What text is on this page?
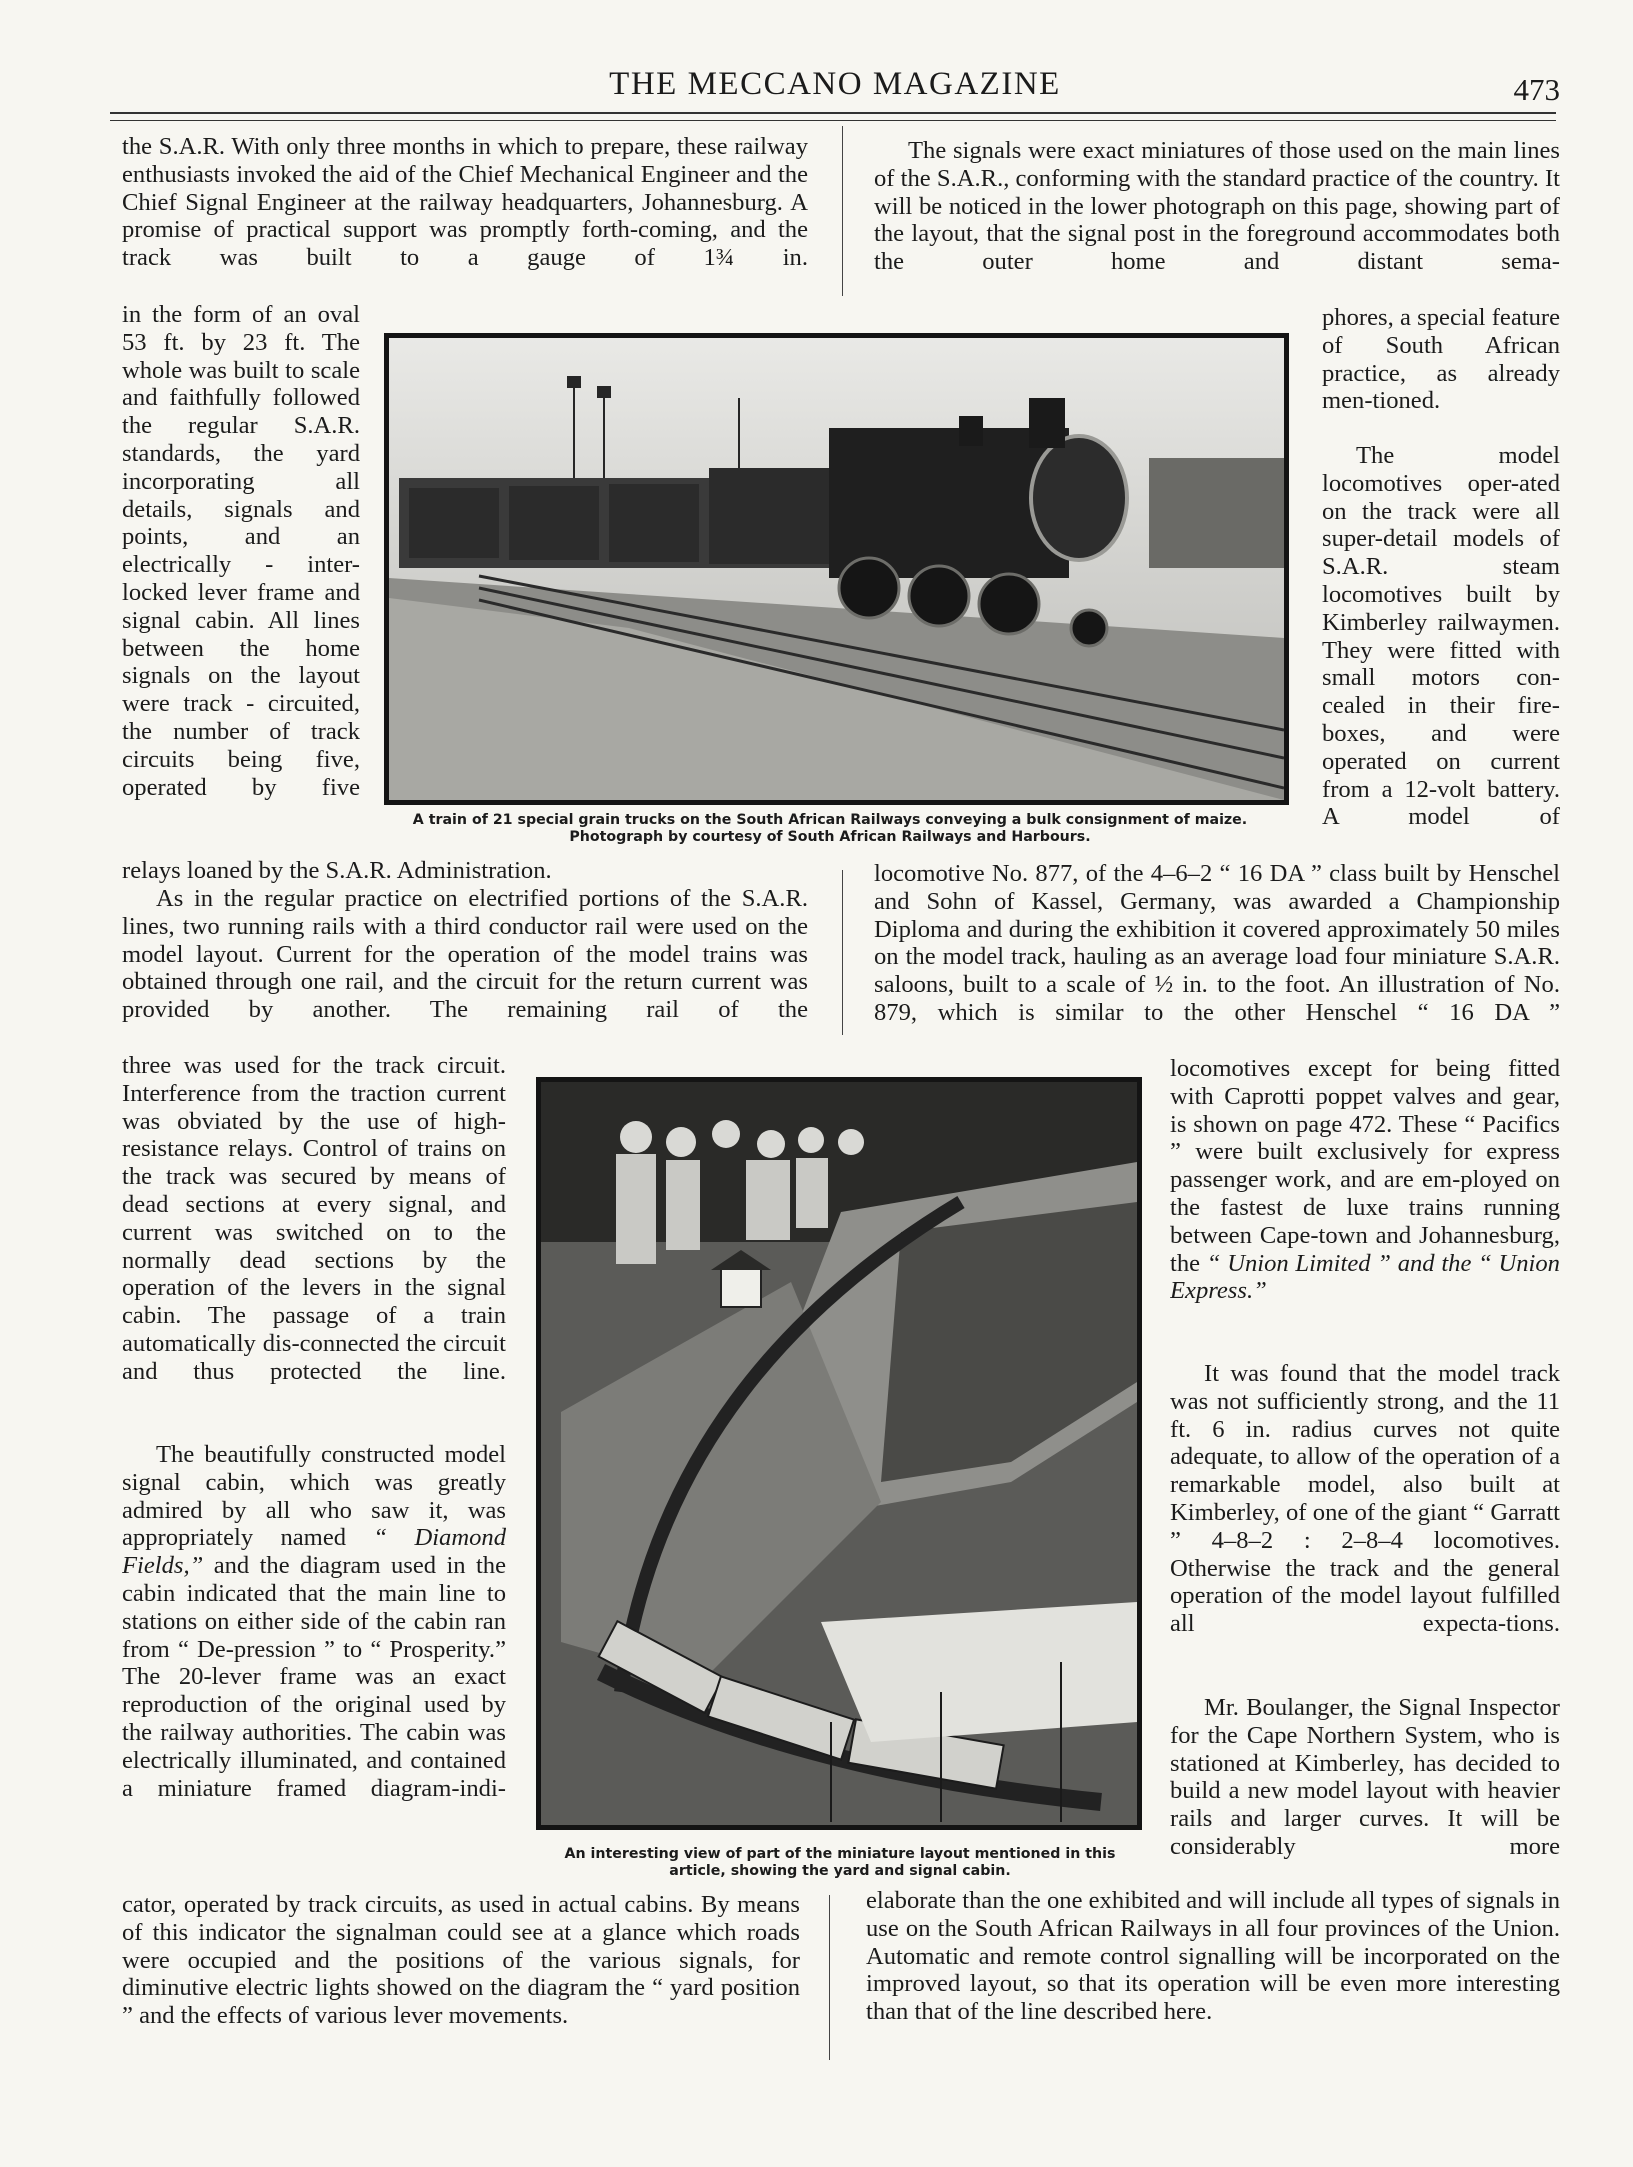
THE MECCANO MAGAZINE	473

the S.A.R. With only three months in which to prepare, these railway enthusiasts invoked the aid of the Chief Mechanical Engineer and the Chief Signal Engineer at the railway headquarters, Johannesburg. A promise of practical support was promptly forth-coming, and the track was built to a gauge of 1¾ in.

in the form of an oval 53 ft. by 23 ft. The whole was built to scale and faithfully followed the regular S.A.R. standards, the yard incorporating all details, signals and points, and an electrically - inter-locked lever frame and signal cabin. All lines between the home signals on the layout were track - circuited, the number of track circuits being five, operated by five

relays loaned by the S.A.R. Administration.

As in the regular practice on electrified portions of the S.A.R. lines, two running rails with a third conductor rail were used on the model layout. Current for the operation of the model trains was obtained through one rail, and the circuit for the return current was provided by another. The remaining rail of the

three was used for the track circuit. Interference from the traction current was obviated by the use of high-resistance relays. Control of trains on the track was secured by means of dead sections at every signal, and current was switched on to the normally dead sections by the operation of the levers in the signal cabin. The passage of a train automatically dis-connected the circuit and thus protected the line.

The beautifully constructed model signal cabin, which was greatly admired by all who saw it, was appropriately named “ Diamond Fields,” and the diagram used in the cabin indicated that the main line to stations on either side of the cabin ran from “ De-pression ” to “ Prosperity.” The 20-lever frame was an exact reproduction of the original used by the railway authorities. The cabin was electrically illuminated, and contained a miniature framed diagram-indi-

cator, operated by track circuits, as used in actual cabins. By means of this indicator the signalman could see at a glance which roads were occupied and the positions of the various signals, for diminutive electric lights showed on the diagram the “ yard position ” and the effects of various lever movements.

The signals were exact miniatures of those used on the main lines of the S.A.R., conforming with the standard practice of the country. It will be noticed in the lower photograph on this page, showing part of the layout, that the signal post in the foreground accommodates both the outer home and distant sema-

phores, a special feature of South African practice, as already men-tioned.

The model locomotives oper-ated on the track were all super-detail models of S.A.R. steam locomotives built by Kimberley railwaymen. They were fitted with small motors con-cealed in their fire-boxes, and were operated on current from a 12-volt battery. A model of

locomotive No. 877, of the 4–6–2 “ 16 DA ” class built by Henschel and Sohn of Kassel, Germany, was awarded a Championship Diploma and during the exhibition it covered approximately 50 miles on the model track, hauling as an average load four miniature S.A.R. saloons, built to a scale of ½ in. to the foot. An illustration of No. 879, which is similar to the other Henschel “ 16 DA ”

locomotives except for being fitted with Caprotti poppet valves and gear, is shown on page 472. These “ Pacifics ” were built exclusively for express passenger work, and are em-ployed on the fastest de luxe trains running between Cape-town and Johannesburg, the “ Union Limited ” and the “ Union Express.”

It was found that the model track was not sufficiently strong, and the 11 ft. 6 in. radius curves not quite adequate, to allow of the operation of a remarkable model, also built at Kimberley, of one of the giant “ Garratt ” 4–8–2 : 2–8–4 locomotives. Otherwise the track and the general operation of the model layout fulfilled all expecta-tions.

Mr. Boulanger, the Signal Inspector for the Cape Northern System, who is stationed at Kimberley, has decided to build a new model layout with heavier rails and larger curves. It will be considerably more

elaborate than the one exhibited and will include all types of signals in use on the South African Railways in all four provinces of the Union. Automatic and remote control signalling will be incorporated on the improved layout, so that its operation will be even more interesting than that of the line described here.

A train of 21 special grain trucks on the South African Railways conveying a bulk consignment of maize.
Photograph by courtesy of South African Railways and Harbours.
An interesting view of part of the miniature layout mentioned in this
article, showing the yard and signal cabin.
